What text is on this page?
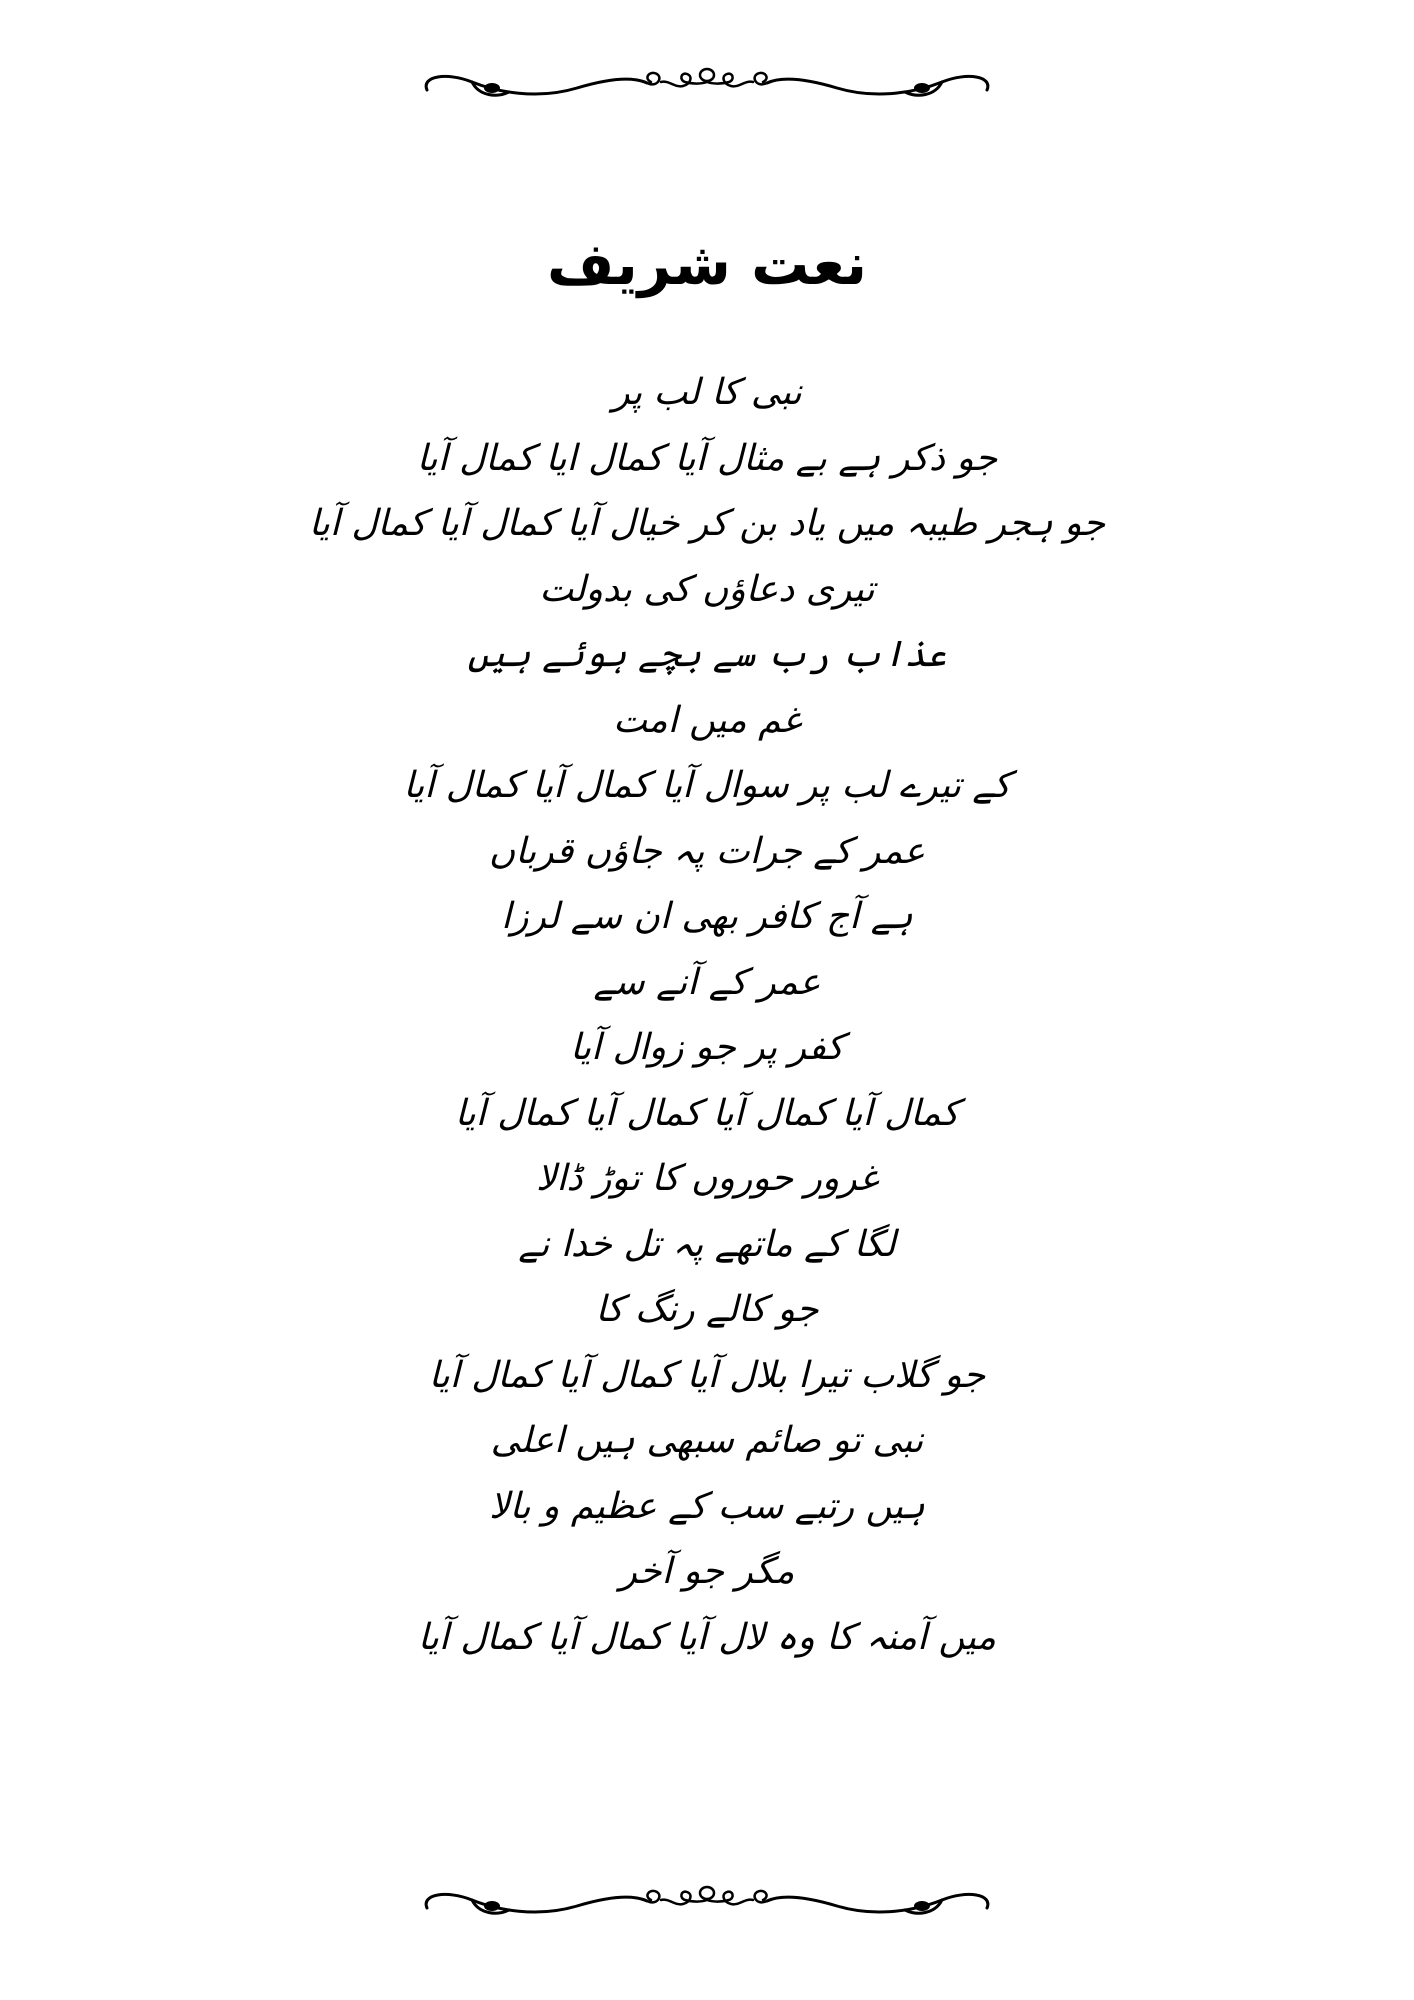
نعت شریف
نبی کا لب پر
جو ذکر ہے بے مثال آیا کمال ایا کمال آیا
جو ہجر طیبہ میں یاد بن کر خیال آیا کمال آیا کمال آیا
تیری دعاؤں کی بدولت
عذاب رب سے بچے ہوئے ہیں
غم میں امت
کے تیرے لب پر سوال آیا کمال آیا کمال آیا
عمر کے جرات پہ جاؤں قرباں
ہے آج کافر بھی ان سے لرزا
عمر کے آنے سے
کفر پر جو زوال آیا
کمال آیا کمال آیا کمال آیا کمال آیا
غرور حوروں کا توڑ ڈالا
لگا کے ماتھے پہ تل خدا نے
جو کالے رنگ کا
جو گلاب تیرا بلال آیا کمال آیا کمال آیا
نبی تو صائم سبھی ہیں اعلی
ہیں رتبے سب کے عظیم و بالا
مگر جو آخر
میں آمنہ کا وہ لال آیا کمال آیا کمال آیا
